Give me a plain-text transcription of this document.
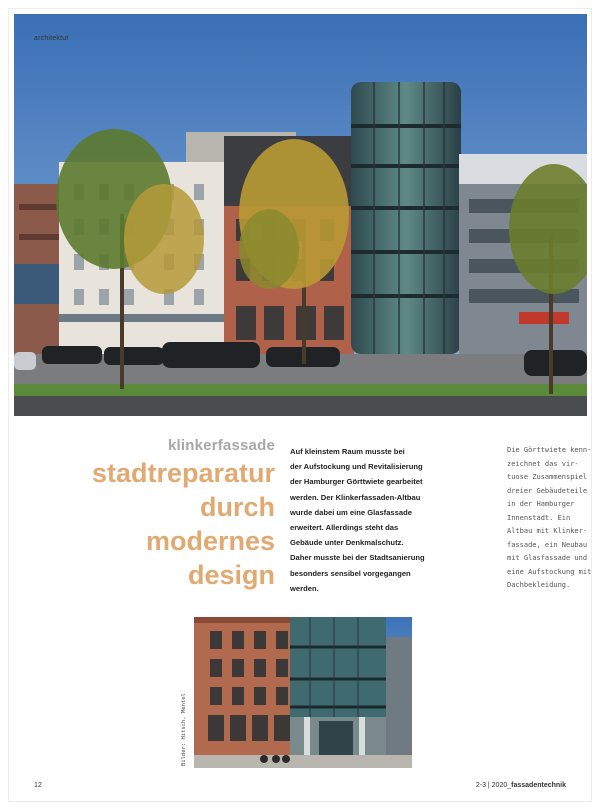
architektur
klinkerfassade
stadtreparatur
durch
modernes
design
Auf kleinstem Raum musste bei
der Aufstockung und Revitalisierung
der Hamburger Görttwiete gearbeitet
werden. Der Klinkerfassaden-Altbau
wurde dabei um eine Glasfassade
erweitert. Allerdings steht das
Gebäude unter Denkmalschutz.
Daher musste bei der Stadtsanierung
besonders sensibel vorgegangen
werden.
Die Görttwiete kenn-
zeichnet das vir-
tuose Zusammenspiel
dreier Gebäudeteile
in der Hamburger
Innenstadt. Ein
Altbau mit Klinker-
fassade, ein Neubau
mit Glasfassade und
eine Aufstockung mit
Dachbekleidung.
Bilder: Hitsch, Mentel
12	2-3 | 2020_fassadentechnik
